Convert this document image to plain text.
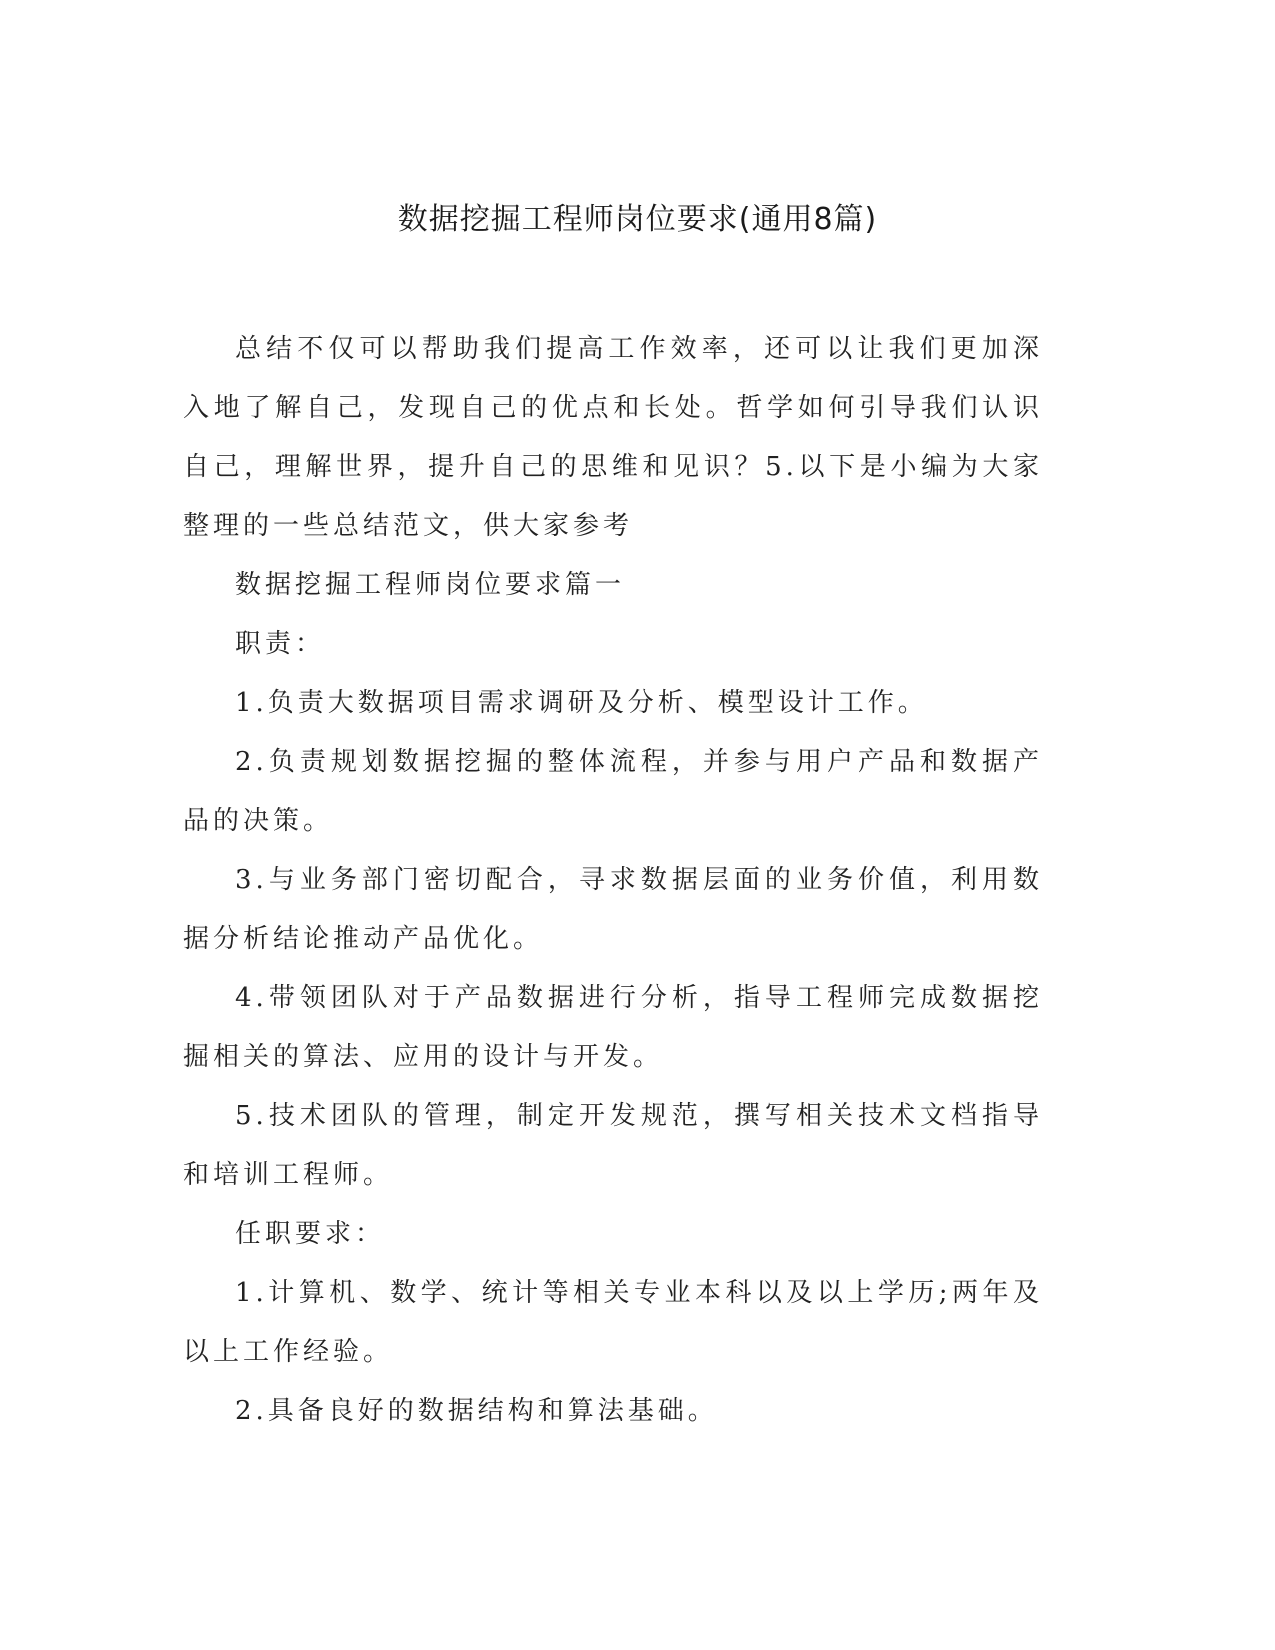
数据挖掘工程师岗位要求(通用8篇)

总结不仅可以帮助我们提高工作效率，还可以让我们更加深入地了解自己，发现自己的优点和长处。哲学如何引导我们认识自己，理解世界，提升自己的思维和见识？5.以下是小编为大家整理的一些总结范文，供大家参考

数据挖掘工程师岗位要求篇一

职责：

1.负责大数据项目需求调研及分析、模型设计工作。

2.负责规划数据挖掘的整体流程，并参与用户产品和数据产品的决策。

3.与业务部门密切配合，寻求数据层面的业务价值，利用数据分析结论推动产品优化。

4.带领团队对于产品数据进行分析，指导工程师完成数据挖掘相关的算法、应用的设计与开发。

5.技术团队的管理，制定开发规范，撰写相关技术文档指导和培训工程师。

任职要求：

1.计算机、数学、统计等相关专业本科以及以上学历;两年及以上工作经验。

2.具备良好的数据结构和算法基础。
